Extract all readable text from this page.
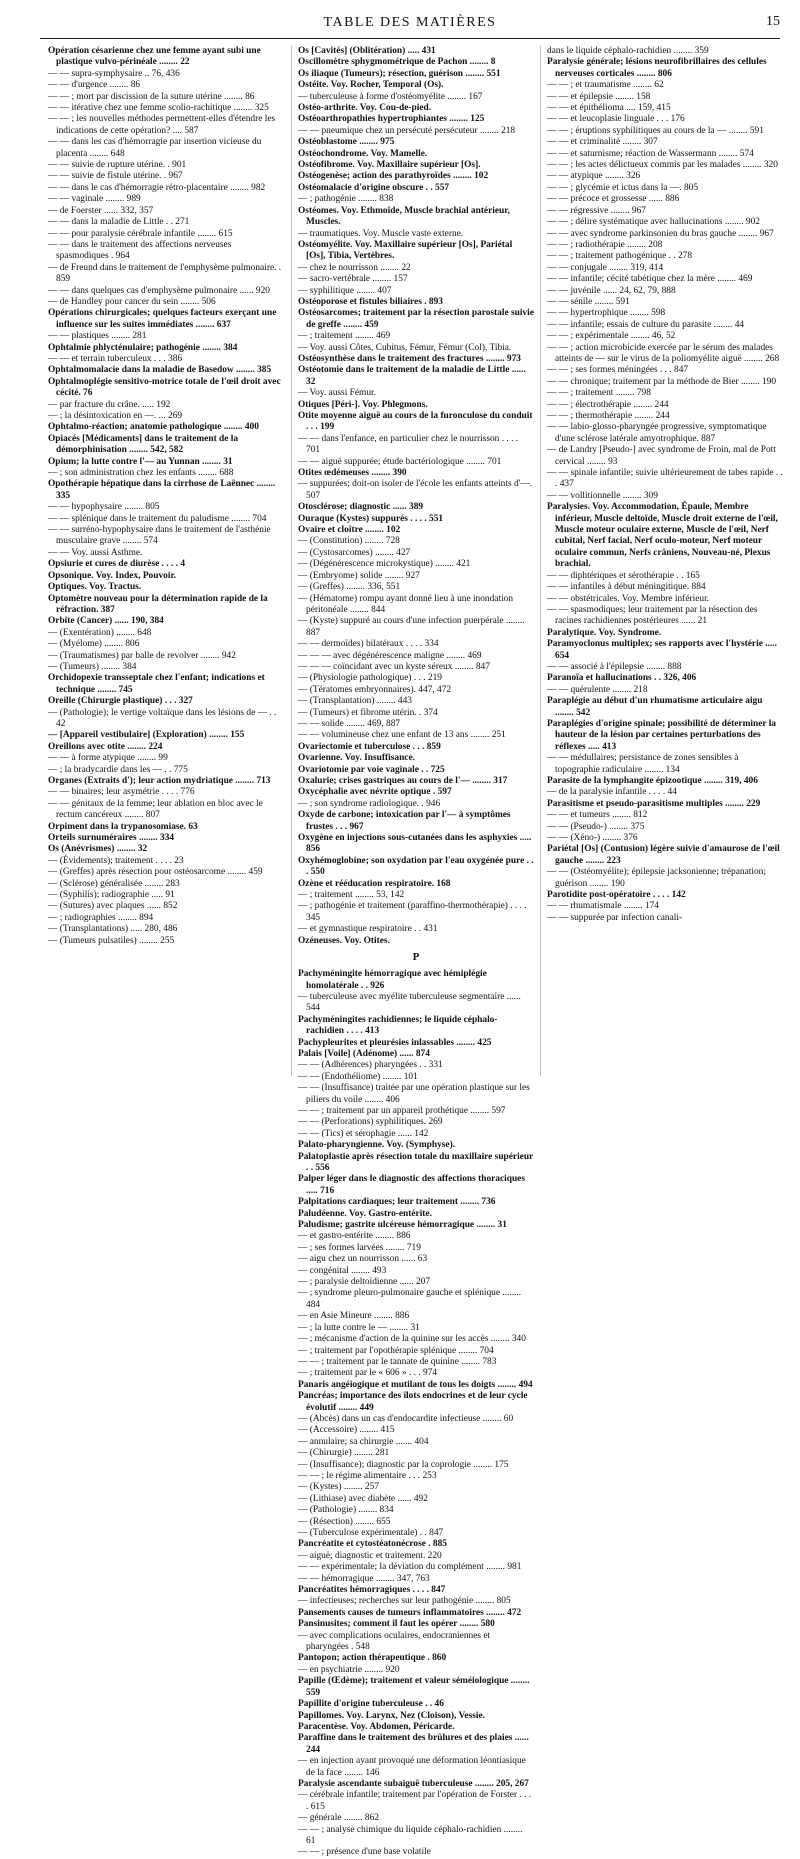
TABLE DES MATIÈRES	15
Opération césarienne chez une femme ayant subi une plastique vulvo-périnéale ........ 22
— — supra-symphysaire .. 76, 436
— — d'urgence ........ 86
— — ; mort par discission de la suture utérine ........ 86
— — itérative chez une femme scolio-rachitique ........ 325
— — ; les nouvelles méthodes permettent-elles d'étendre les indications de cette opération? .... 587
— — dans les cas d'hémorragie par insertion vicieuse du placenta ........ 648
— — suivie de rupture utérine. . 901
— — suivie de fistule utérine. . 967
— — dans le cas d'hémorragie rétro-placentaire ........ 982
— — vaginale ........ 989
— de Foerster ...... 332, 357
— — dans la maladie de Little . . 271
— — pour paralysie cérébrale infantile ........ 615
— — dans le traitement des affections nerveuses spasmodiques . 964
— de Freund dans le traitement de l'emphysème pulmonaire. . 859
— — dans quelques cas d'emphysème pulmonaire ...... 920
— de Handley pour cancer du sein ........ 506
Opérations chirurgicales; quelques facteurs exerçant une influence sur les suites immédiates ........ 637
— — plastiques ........ 281
Ophtalmie phlycténulaire; pathogénie ........ 384
— — et terrain tuberculeux . . . 386
Ophtalmomalacie dans la maladie de Basedow ........ 385
Ophtalmoplégie sensitivo-motrice totale de l'œil droit avec cécité. 76
— par fracture du crâne. ..... 192
— ; la désintoxication en —. ... 269
Ophtalmo-réaction; anatomie pathologique ........ 400
Opiacés [Médicaments] dans le traitement de la démorphinisation ........ 542, 582
Opium; la lutte contre l'— au Yunnan ........ 31
— ; son administration chez les enfants ........ 688
Opothérapie hépatique dans la cirrhose de Laënnec ........ 335
— — hypophysaire ........ 805
— — splénique dans le traitement du paludisme ........ 704
— — surréno-hypophysaire dans le traitement de l'asthénie musculaire grave ........ 574
— — Voy. aussi Asthme.
Opsiurie et cures de diurèse . . . . 4
Opsonique. Voy. Index, Pouvoir.
Optiques. Voy. Tractus.
Optomètre nouveau pour la détermination rapide de la réfraction. 387
Orbite (Cancer) ...... 190, 384
— (Exentération) ........ 648
— (Myélome) ........ 806
— (Traumatismes) par balle de revolver ........ 942
— (Tumeurs) ........ 384
Orchidopexie transseptale chez l'enfant; indications et technique ........ 745
Oreille (Chirurgie plastique) . . . 327
— (Pathologie); le vertige voltaïque dans les lésions de — . . 42
— [Appareil vestibulaire] (Exploration) ........ 155
Oreillons avec otite ........ 224
— — à forme atypique ........ 99
— ; la bradycardie dans les — . . 775
Organes (Extraits d'); leur action mydriatique ........ 713
— — binaires; leur asymétrie . . . . 776
— — génitaux de la femme; leur ablation en bloc avec le rectum cancéreux ........ 807
Orpiment dans la trypanosomiase. 63
Orteils surnuméraires ........ 334
Os (Anévrismes) ........ 32
— (Évidements); traitement . . . . 23
— (Greffes) après résection pour ostéosarcome ........ 459
— (Sclérose) généralisée ........ 283
— (Syphilis); radiographie ..... 91
— (Sutures) avec plaques ...... 852
— ; radiographies ........ 894
— (Transplantations) ..... 280, 486
— (Tumeurs pulsatiles) ........ 255
Os [Cavités] (Oblitération) ..... 431
Oscillomètre sphygmométrique de Pachon ........ 8
Os iliaque (Tumeurs); résection, guérison ........ 551
Ostéite. Voy. Rocher, Temporal (Os).
— tuberculeuse à forme d'ostéomyélite ........ 167
Ostéo-arthrite. Voy. Cou-de-pied.
Ostéoarthropathies hypertrophiantes ........ 125
— — pneumique chez un persécuté persécuteur ........ 218
Ostéoblastome ........ 975
Ostéochondrome. Voy. Mamelle.
Ostéofibrome. Voy. Maxillaire supérieur [Os].
Ostéogenèse; action des parathyroïdes ........ 102
Ostéomalacie d'origine obscure . . 557
— ; pathogénie ........ 838
Ostéomes. Voy. Ethmoïde, Muscle brachial antérieur, Muscles.
— traumatiques. Voy. Muscle vaste externe.
Ostéomyélite. Voy. Maxillaire supérieur [Os], Pariétal [Os], Tibia, Vertèbres.
— chez le nourrisson ........ 22
— sacro-vertébrale ........ 157
— syphilitique ........ 407
Ostéoporose et fistules biliaires . 893
Ostéosarcomes; traitement par la résection parostale suivie de greffe ........ 459
— ; traitement ........ 469
— Voy. aussi Côtes, Cubitus, Fémur, Fémur (Col), Tibia.
Ostéosynthèse dans le traitement des fractures ........ 973
Ostéotomie dans le traitement de la maladie de Little ...... 32
— Voy. aussi Fémur.
Otiques [Péri-]. Voy. Phlegmons.
Otite moyenne aiguë au cours de la furonculose du conduit . . . 199
— — dans l'enfance, en particulier chez le nourrisson . . . . 701
— — aiguë suppurée; étude bactériologique ........ 701
Otites œdémeuses ........ 390
— suppurées; doit-on isoler de l'école les enfants atteints d'—. 507
Otosclérose; diagnostic ...... 389
Ouraque (Kystes) suppurés . . . . 551
Ovaire et cloître ........ 102
— (Constitution) ........ 728
— (Cystosarcomes) ........ 427
— (Dégénérescence microkystique) ........ 421
— (Embryome) solide ........ 927
— (Greffes) ........ 336, 551
— (Hématome) rompu ayant donné lieu à une inondation péritonéale ........ 844
— (Kyste) suppuré au cours d'une infection puerpérale ........ 887
— — dermoïdes) bilatéraux . . . . 334
— — — avec dégénérescence maligne ........ 469
— — — coïncidant avec un kyste séreux ........ 847
— (Physiologie pathologique) . . . 219
— (Tératomes embryonnaires). 447, 472
— (Transplantation) ........ 443
— (Tumeurs) et fibrome utérin. . 374
— — solide ........ 469, 887
— — volumineuse chez une enfant de 13 ans ........ 251
Ovariectomie et tuberculose . . . 859
Ovarienne. Voy. Insuffisance.
Ovariotomie par voie vaginale . . 725
Oxalurie; crises gastriques au cours de l'— ........ 317
Oxycéphalie avec névrite optique . 597
— ; son syndrome radiologique. . 946
Oxyde de carbone; intoxication par l'— à symptômes frustes . . . 967
Oxygène en injections sous-cutanées dans les asphyxies ..... 856
Oxyhémoglobine; son oxydation par l'eau oxygénée pure . . . 550
Ozène et rééducation respiratoire. 168
— ; traitement ........ 53, 142
— ; pathogénie et traitement (paraffino-thermothérapie) . . . . 345
— et gymnastique respiratoire . . 431
Ozéneuses. Voy. Otites.
P
Pachyméningite hémorragique avec hémiplégie homolatérale . . 926
— tuberculeuse avec myélite tuberculeuse segmentaire ...... 544
Pachyméningites rachidiennes; le liquide céphalo-rachidien . . . . 413
Pachypleurites et pleurésies inlassables ........ 425
Palais [Voile] (Adénome) ...... 874
— — (Adhérences) pharyngées . . 331
— — (Endothéliome) ........ 101
— — (Insuffisance) traitée par une opération plastique sur les piliers du voile ........ 406
— — ; traitement par un appareil prothétique ........ 597
— — (Perforations) syphilitiques. 269
— — (Tics) et sérophagie ...... 142
Palato-pharyngienne. Voy. (Symphyse).
Palatoplastie après résection totale du maxillaire supérieur . . 556
Palper léger dans le diagnostic des affections thoraciques ..... 716
Palpitations cardiaques; leur traitement ........ 736
Paludéenne. Voy. Gastro-entérite.
Paludisme; gastrite ulcéreuse hémorragique ........ 31
— et gastro-entérite ........ 886
— ; ses formes larvées ........ 719
— aigu chez un nourrisson ...... 63
— congénital ........ 493
— ; paralysie deltoïdienne ...... 207
— ; syndrome pleuro-pulmonaire gauche et splénique ........ 484
— en Asie Mineure ........ 886
— ; la lutte contre le — ........ 31
— ; mécanisme d'action de la quinine sur les accès ........ 340
— ; traitement par l'opothérapie splénique ........ 704
— — ; traitement par le tannate de quinine ........ 783
— ; traitement par le « 606 » . . . 974
Panaris angéiogique et mutilant de tous les doigts ........ 494
Pancréas; importance des îlots endocrines et de leur cycle évolutif ........ 449
— (Abcès) dans un cas d'endocardite infectieuse ........ 60
— (Accessoire) ........ 415
— annulaire; sa chirurgie ....... 404
— (Chirurgie) ........ 281
— (Insuffisance); diagnostic par la coprologie ........ 175
— — ; le régime alimentaire . . . 253
— (Kystes) ........ 257
— (Lithiase) avec diabète ...... 492
— (Pathologie) ........ 834
— (Résection) ........ 655
— (Tuberculose expérimentale) . . 847
Pancréatite et cytostéatonécrose . 885
— aiguë; diagnostic et traitement. 220
— — expérimentale; la déviation du complément ........ 981
— — hémorragique ........ 347, 763
Pancréatites hémorragiques . . . . 847
— infectieuses; recherches sur leur pathogénie ........ 805
Pansements causes de tumeurs inflammatoires ........ 472
Pansinusites; comment il faut les opérer ........ 580
— avec complications oculaires, endocraniennes et pharyngées . 548
Pantopon; action thérapeutique . 860
— en psychiatrie ........ 920
Papille (Œdème); traitement et valeur séméiologique ........ 559
Papillite d'origine tuberculeuse . . 46
Papillomes. Voy. Larynx, Nez (Cloison), Vessie.
Paracentèse. Voy. Abdomen, Péricarde.
Paraffine dans le traitement des brûlures et des plaies ...... 244
— en injection ayant provoqué une déformation léontiasique de la face ........ 146
Paralysie ascendante subaiguë tuberculeuse ........ 205, 267
— cérébrale infantile; traitement par l'opération de Forster . . . . 615
— générale ........ 862
— — ; analyse chimique du liquide céphalo-rachidien ........ 61
— — ; présence d'une base volatile
dans le liquide céphalo-rachidien ........ 359
Paralysie générale; lésions neurofibrillaires des cellules nerveuses corticales ........ 806
— — ; et traumatisme ........ 62
— — et épilepsie ........ 158
— — et épithélioma .... 159, 415
— — et leucoplasie linguale . . . 176
— — ; éruptions syphilitiques au cours de la — ........ 591
— — et criminalité ........ 307
— — et saturnisme; réaction de Wassermann ........ 574
— — ; les actes délictueux commis par les malades ........ 320
— — atypique ........ 326
— — ; glycémie et ictus dans la —. 805
— — précoce et grossesse ...... 886
— — régressive ........ 967
— — ; délire systématique avec hallucinations ........ 902
— — avec syndrome parkinsonien du bras gauche ........ 967
— — ; radiothérapie ........ 208
— — ; traitement pathogénique . . 278
— — conjugale ........ 319, 414
— — infantile; cécité tabétique chez la mère ........ 469
— — juvénile ...... 24, 62, 79, 888
— — sénile ........ 591
— — hypertrophique ........ 598
— — infantile; essais de culture du parasite ........ 44
— — ; expérimentale ........ 46, 52
— — ; action microbicide exercée par le sérum des malades atteints de — sur le virus de la poliomyélite aiguë ........ 268
— — ; ses formes méningées . . . 847
— — chronique; traitement par la méthode de Bier ........ 190
— — ; traitement ........ 798
— — ; électrothérapie ........ 244
— — ; thermothérapie ........ 244
— — labio-glosso-pharyngée progressive, symptomatique d'une sclérose latérale amyotrophique. 887
— de Landry [Pseudo-] avec syndrome de Froin, mal de Pott cervical ........ 93
— — spinale infantile; suivie ultérieurement de tabes rapide . . . 437
— — vollitionnelle ........ 309
Paralysies. Voy. Accommodation, Épaule, Membre inférieur, Muscle deltoïde, Muscle droit externe de l'œil, Muscle moteur oculaire externe, Muscle de l'œil, Nerf cubital, Nerf facial, Nerf oculo-moteur, Nerf moteur oculaire commun, Nerfs crâniens, Nouveau-né, Plexus brachial.
— — diphtériques et sérothérapie . . 165
— — infantiles à début méningitique. 884
— — obstétricales. Voy. Membre inférieur.
— — spasmodiques; leur traitement par la résection des racines rachidiennes postérieures ...... 21
Paralytique. Voy. Syndrome.
Paramyoclonus multiplex; ses rapports avec l'hystérie ..... 654
— — associé à l'épilepsie ........ 888
Paranoïa et hallucinations . . 326, 406
— — quérulente ........ 218
Paraplégie au début d'un rhumatisme articulaire aigu ........ 542
Paraplégies d'origine spinale; possibilité de déterminer la hauteur de la lésion par certaines perturbations des réflexes ..... 413
— — médullaires; persistance de zones sensibles à topographie radiculaire ........ 134
Parasite de la lymphangite épizootique ........ 319, 406
— de la paralysie infantile . . . . 44
Parasitisme et pseudo-parasitisme multiples ........ 229
— — et tumeurs ........ 812
— — (Pseudo-) ........ 375
— — (Xéno-) ........ 376
Pariétal [Os] (Contusion) légère suivie d'amaurose de l'œil gauche ........ 223
— — (Ostéomyélite); épilepsie jacksonienne; trépanation; guérison ........ 190
Parotidite post-opératoire . . . . 142
— — rhumatismale ........ 174
— — suppurée par infection canali-
